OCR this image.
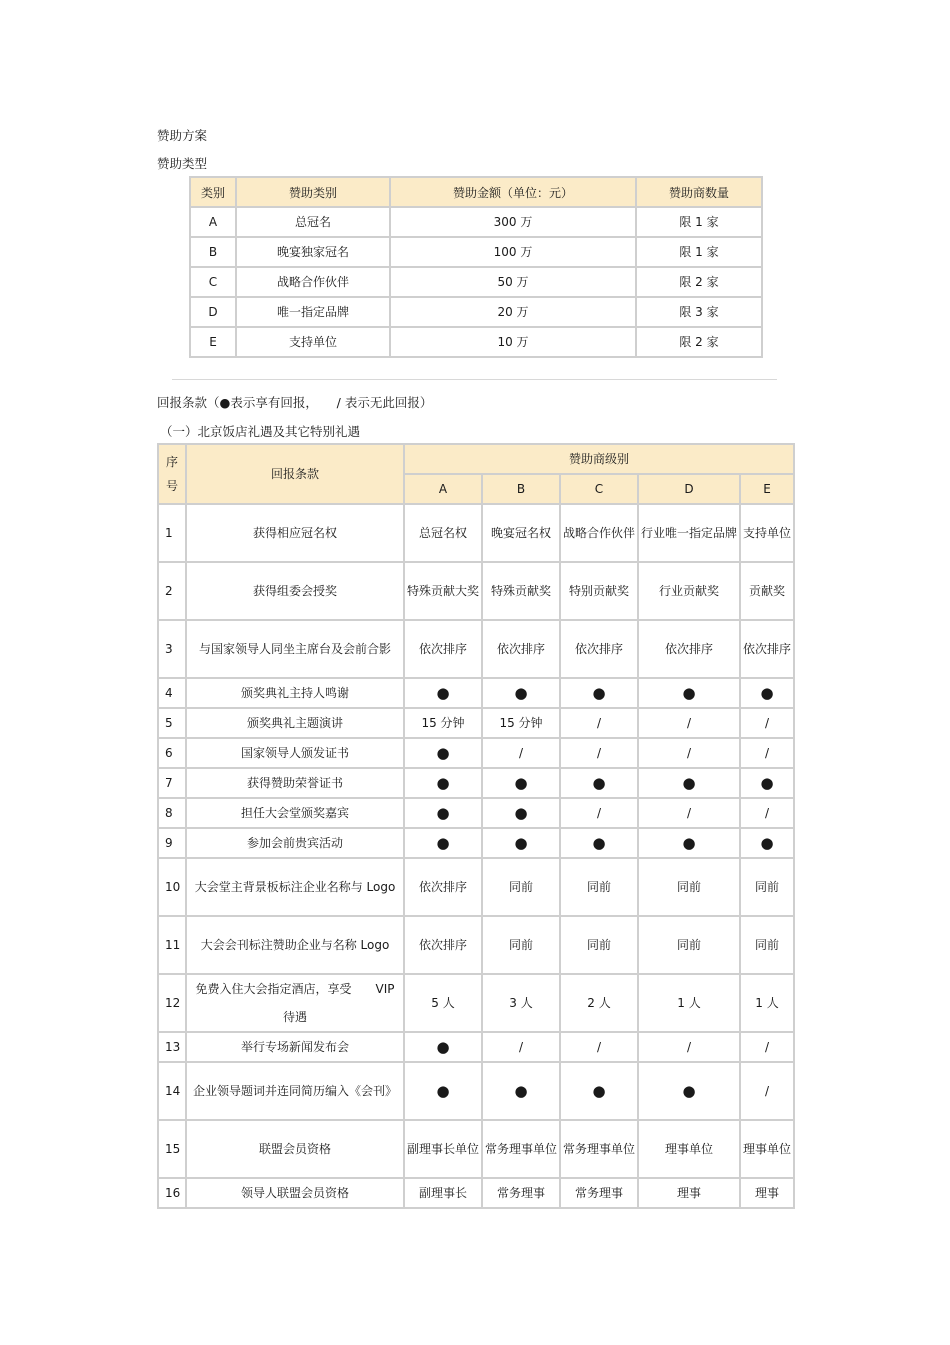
赞助方案
赞助类型
类别	赞助类别	赞助金额（单位：元）	赞助商数量
A	总冠名	300 万	限 1 家
B	晚宴独家冠名	100 万	限 1 家
C	战略合作伙伴	50 万	限 2 家
D	唯一指定品牌	20 万	限 3 家
E	支持单位	10 万	限 2 家
回报条款（●表示享有回报，　　/ 表示无此回报）
（一）北京饭店礼遇及其它特别礼遇
序号	回报条款	赞助商级别				
		A	B	C	D	E
1	获得相应冠名权	总冠名权	晚宴冠名权	战略合作伙伴	行业唯一指定品牌	支持单位
2	获得组委会授奖	特殊贡献大奖	特殊贡献奖	特别贡献奖	行业贡献奖	贡献奖
3	与国家领导人同坐主席台及会前合影	依次排序	依次排序	依次排序	依次排序	依次排序
4	颁奖典礼主持人鸣谢	●	●	●	●	●
5	颁奖典礼主题演讲	15 分钟	15 分钟	/	/	/
6	国家领导人颁发证书	●	/	/	/	/
7	获得赞助荣誉证书	●	●	●	●	●
8	担任大会堂颁奖嘉宾	●	●	/	/	/
9	参加会前贵宾活动	●	●	●	●	●
10	大会堂主背景板标注企业名称与 Logo	依次排序	同前	同前	同前	同前
11	大会会刊标注赞助企业与名称 Logo	依次排序	同前	同前	同前	同前
12	免费入住大会指定酒店，享受　　VIP 待遇	5 人	3 人	2 人	1 人	1 人
13	举行专场新闻发布会	●	/	/	/	/
14	企业领导题词并连同简历编入《会刊》	●	●	●	●	/
15	联盟会员资格	副理事长单位	常务理事单位	常务理事单位	理事单位	理事单位
16	领导人联盟会员资格	副理事长	常务理事	常务理事	理事	理事
